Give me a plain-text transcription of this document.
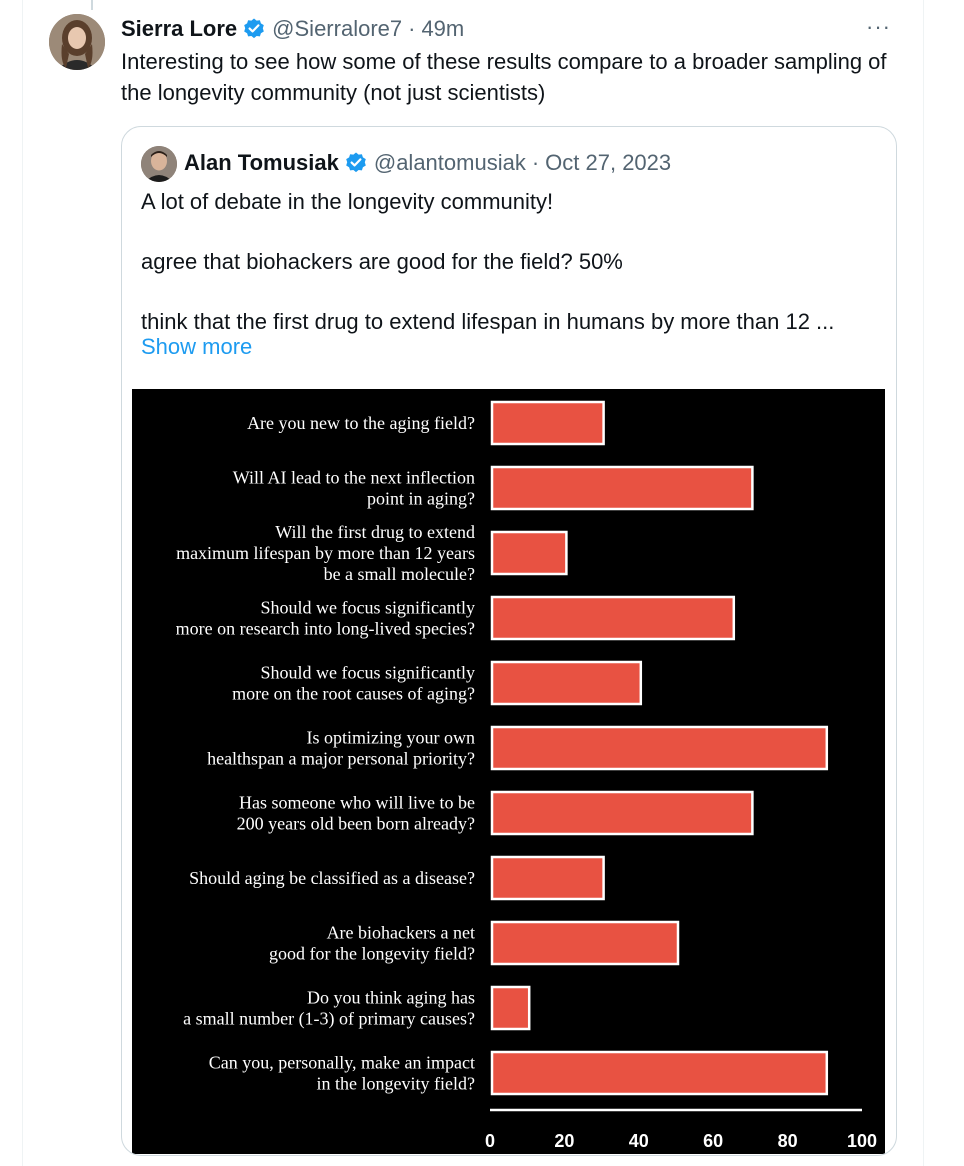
Sierra Lore @Sierralore7 · 49m	···
Interesting to see how some of these results compare to a broader sampling of the longevity community (not just scientists)
Alan Tomusiak @alantomusiak · Oct 27, 2023

A lot of debate in the longevity community!

agree that biohackers are good for the field? 50%

think that the first drug to extend lifespan in humans by more than 12 ...

Show more
Are you new to the aging field?
Will AI lead to the next inflection
point in aging?
Will the first drug to extend
maximum lifespan by more than 12 years
be a small molecule?
Should we focus significantly
more on research into long-lived species?
Should we focus significantly
more on the root causes of aging?
Is optimizing your own
healthspan a major personal priority?
Has someone who will live to be
200 years old been born already?
Should aging be classified as a disease?
Are biohackers a net
good for the longevity field?
Do you think aging has
a small number (1-3) of primary causes?
Can you, personally, make an impact
in the longevity field?
0	20	40	60	80	100
